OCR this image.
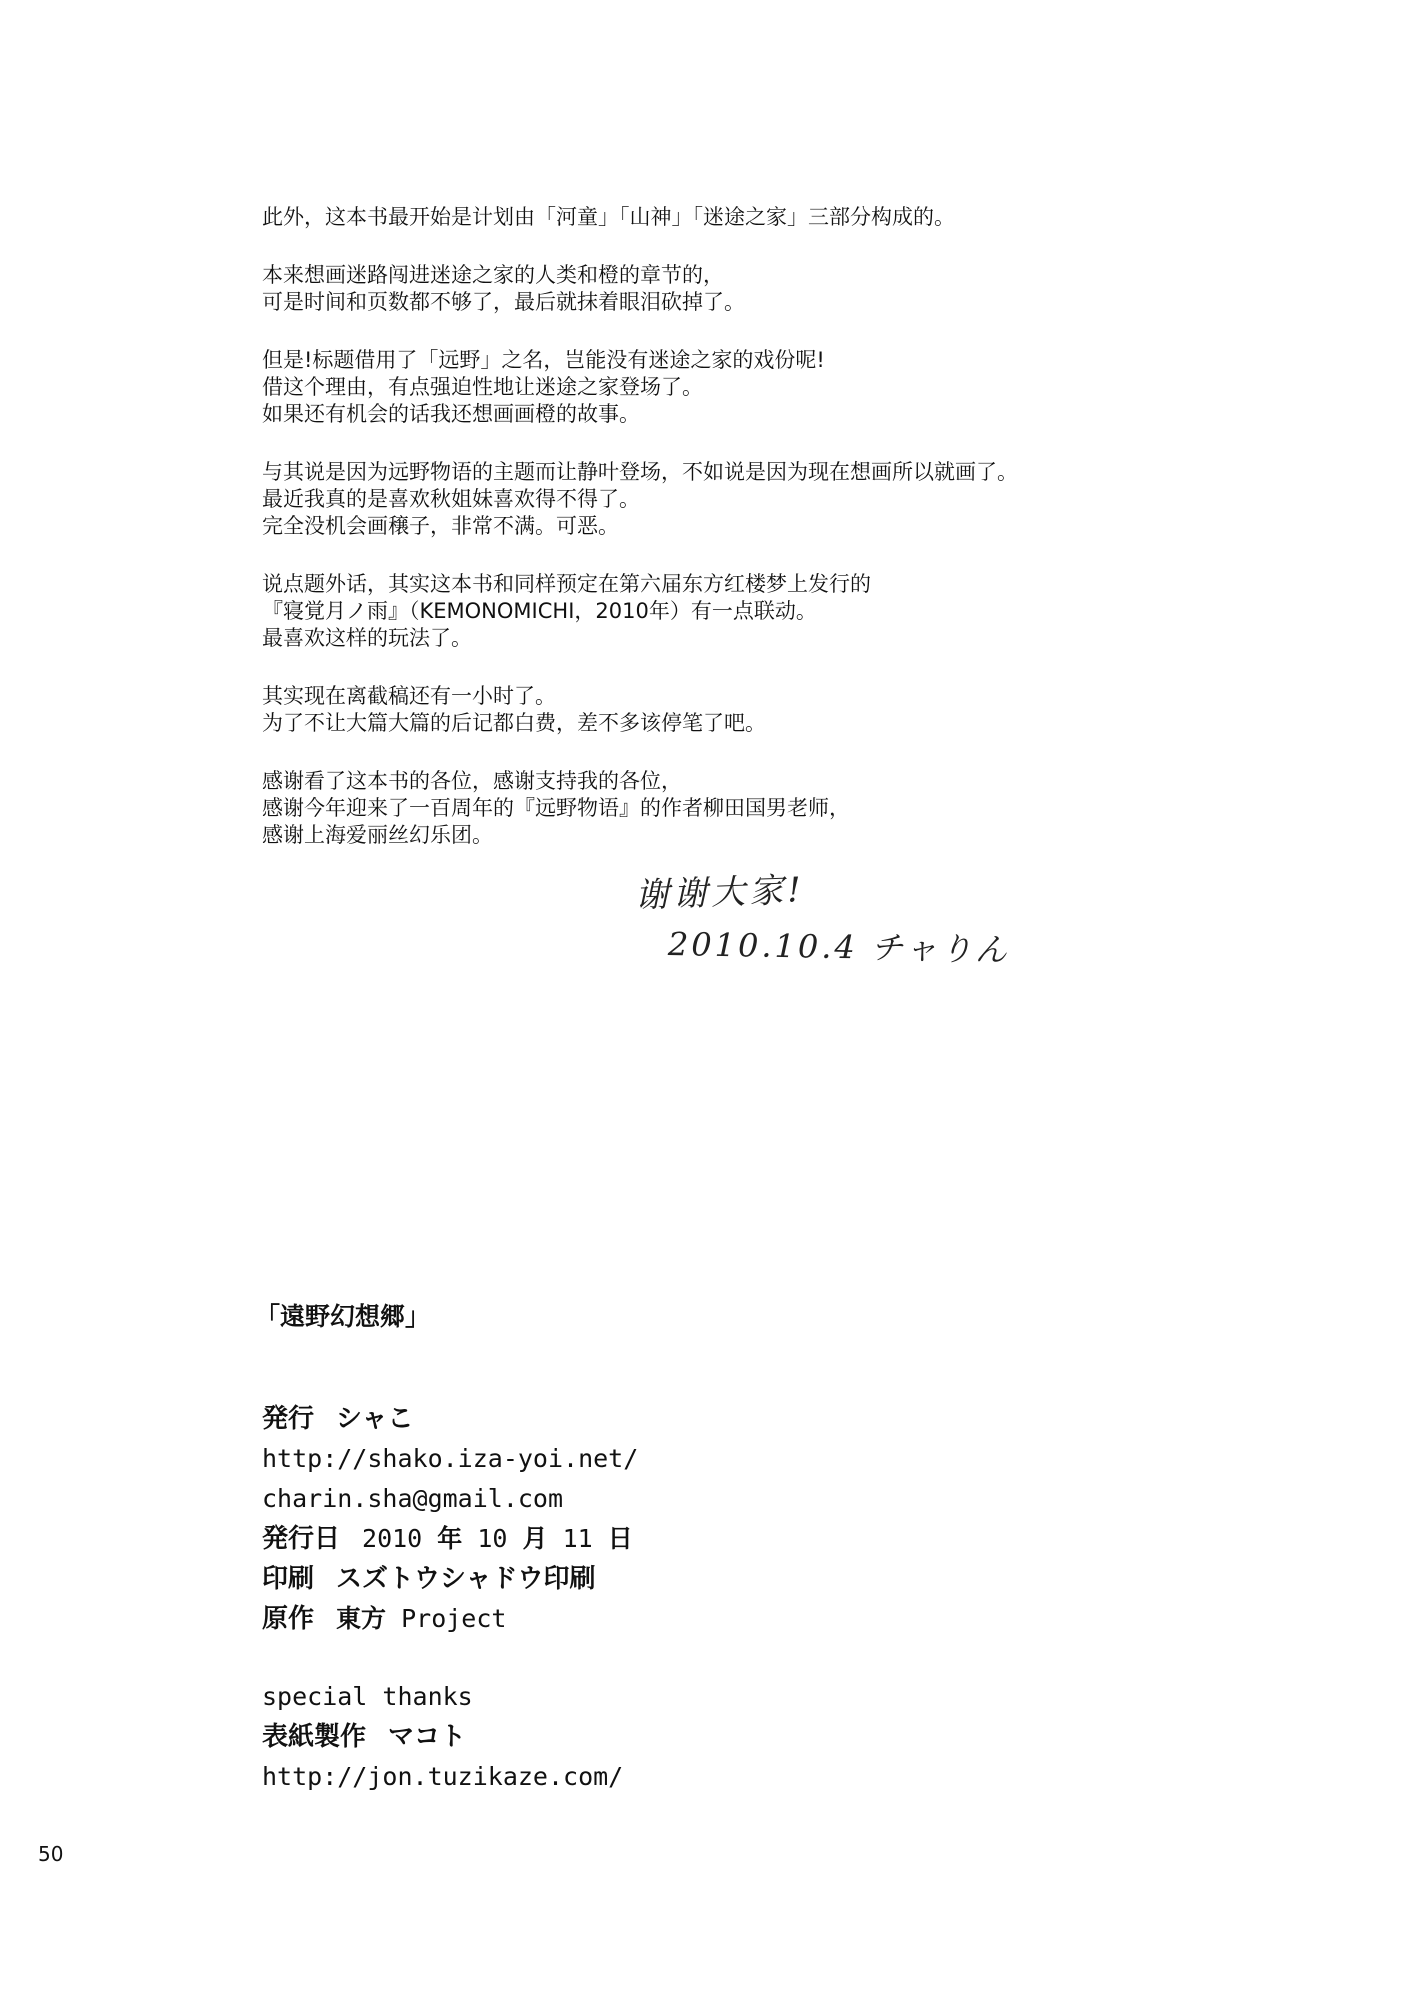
此外，这本书最开始是计划由「河童」「山神」「迷途之家」三部分构成的。
本来想画迷路闯进迷途之家的人类和橙的章节的，
可是时间和页数都不够了，最后就抹着眼泪砍掉了。
但是!标题借用了「远野」之名，岂能没有迷途之家的戏份呢!
借这个理由，有点强迫性地让迷途之家登场了。
如果还有机会的话我还想画画橙的故事。
与其说是因为远野物语的主题而让静叶登场，不如说是因为现在想画所以就画了。
最近我真的是喜欢秋姐妹喜欢得不得了。
完全没机会画穣子，非常不满。可恶。
说点题外话，其实这本书和同样预定在第六届东方红楼梦上发行的
『寝覚月ノ雨』（KEMONOMICHI，2010年）有一点联动。
最喜欢这样的玩法了。
其实现在离截稿还有一小时了。
为了不让大篇大篇的后记都白费，差不多该停笔了吧。
感谢看了这本书的各位，感谢支持我的各位，
感谢今年迎来了一百周年的『远野物语』的作者柳田国男老师，
感谢上海爱丽丝幻乐团。
谢谢大家!
2010.10.4 チャりん
「遠野幻想郷」
発行 シャこ
http://shako.iza-yoi.net/
charin.sha@gmail.com
発行日 2010 年 10 月 11 日
印刷 スズトウシャドウ印刷
原作 東方 Project
special thanks
表紙製作 マコト
http://jon.tuzikaze.com/
50
